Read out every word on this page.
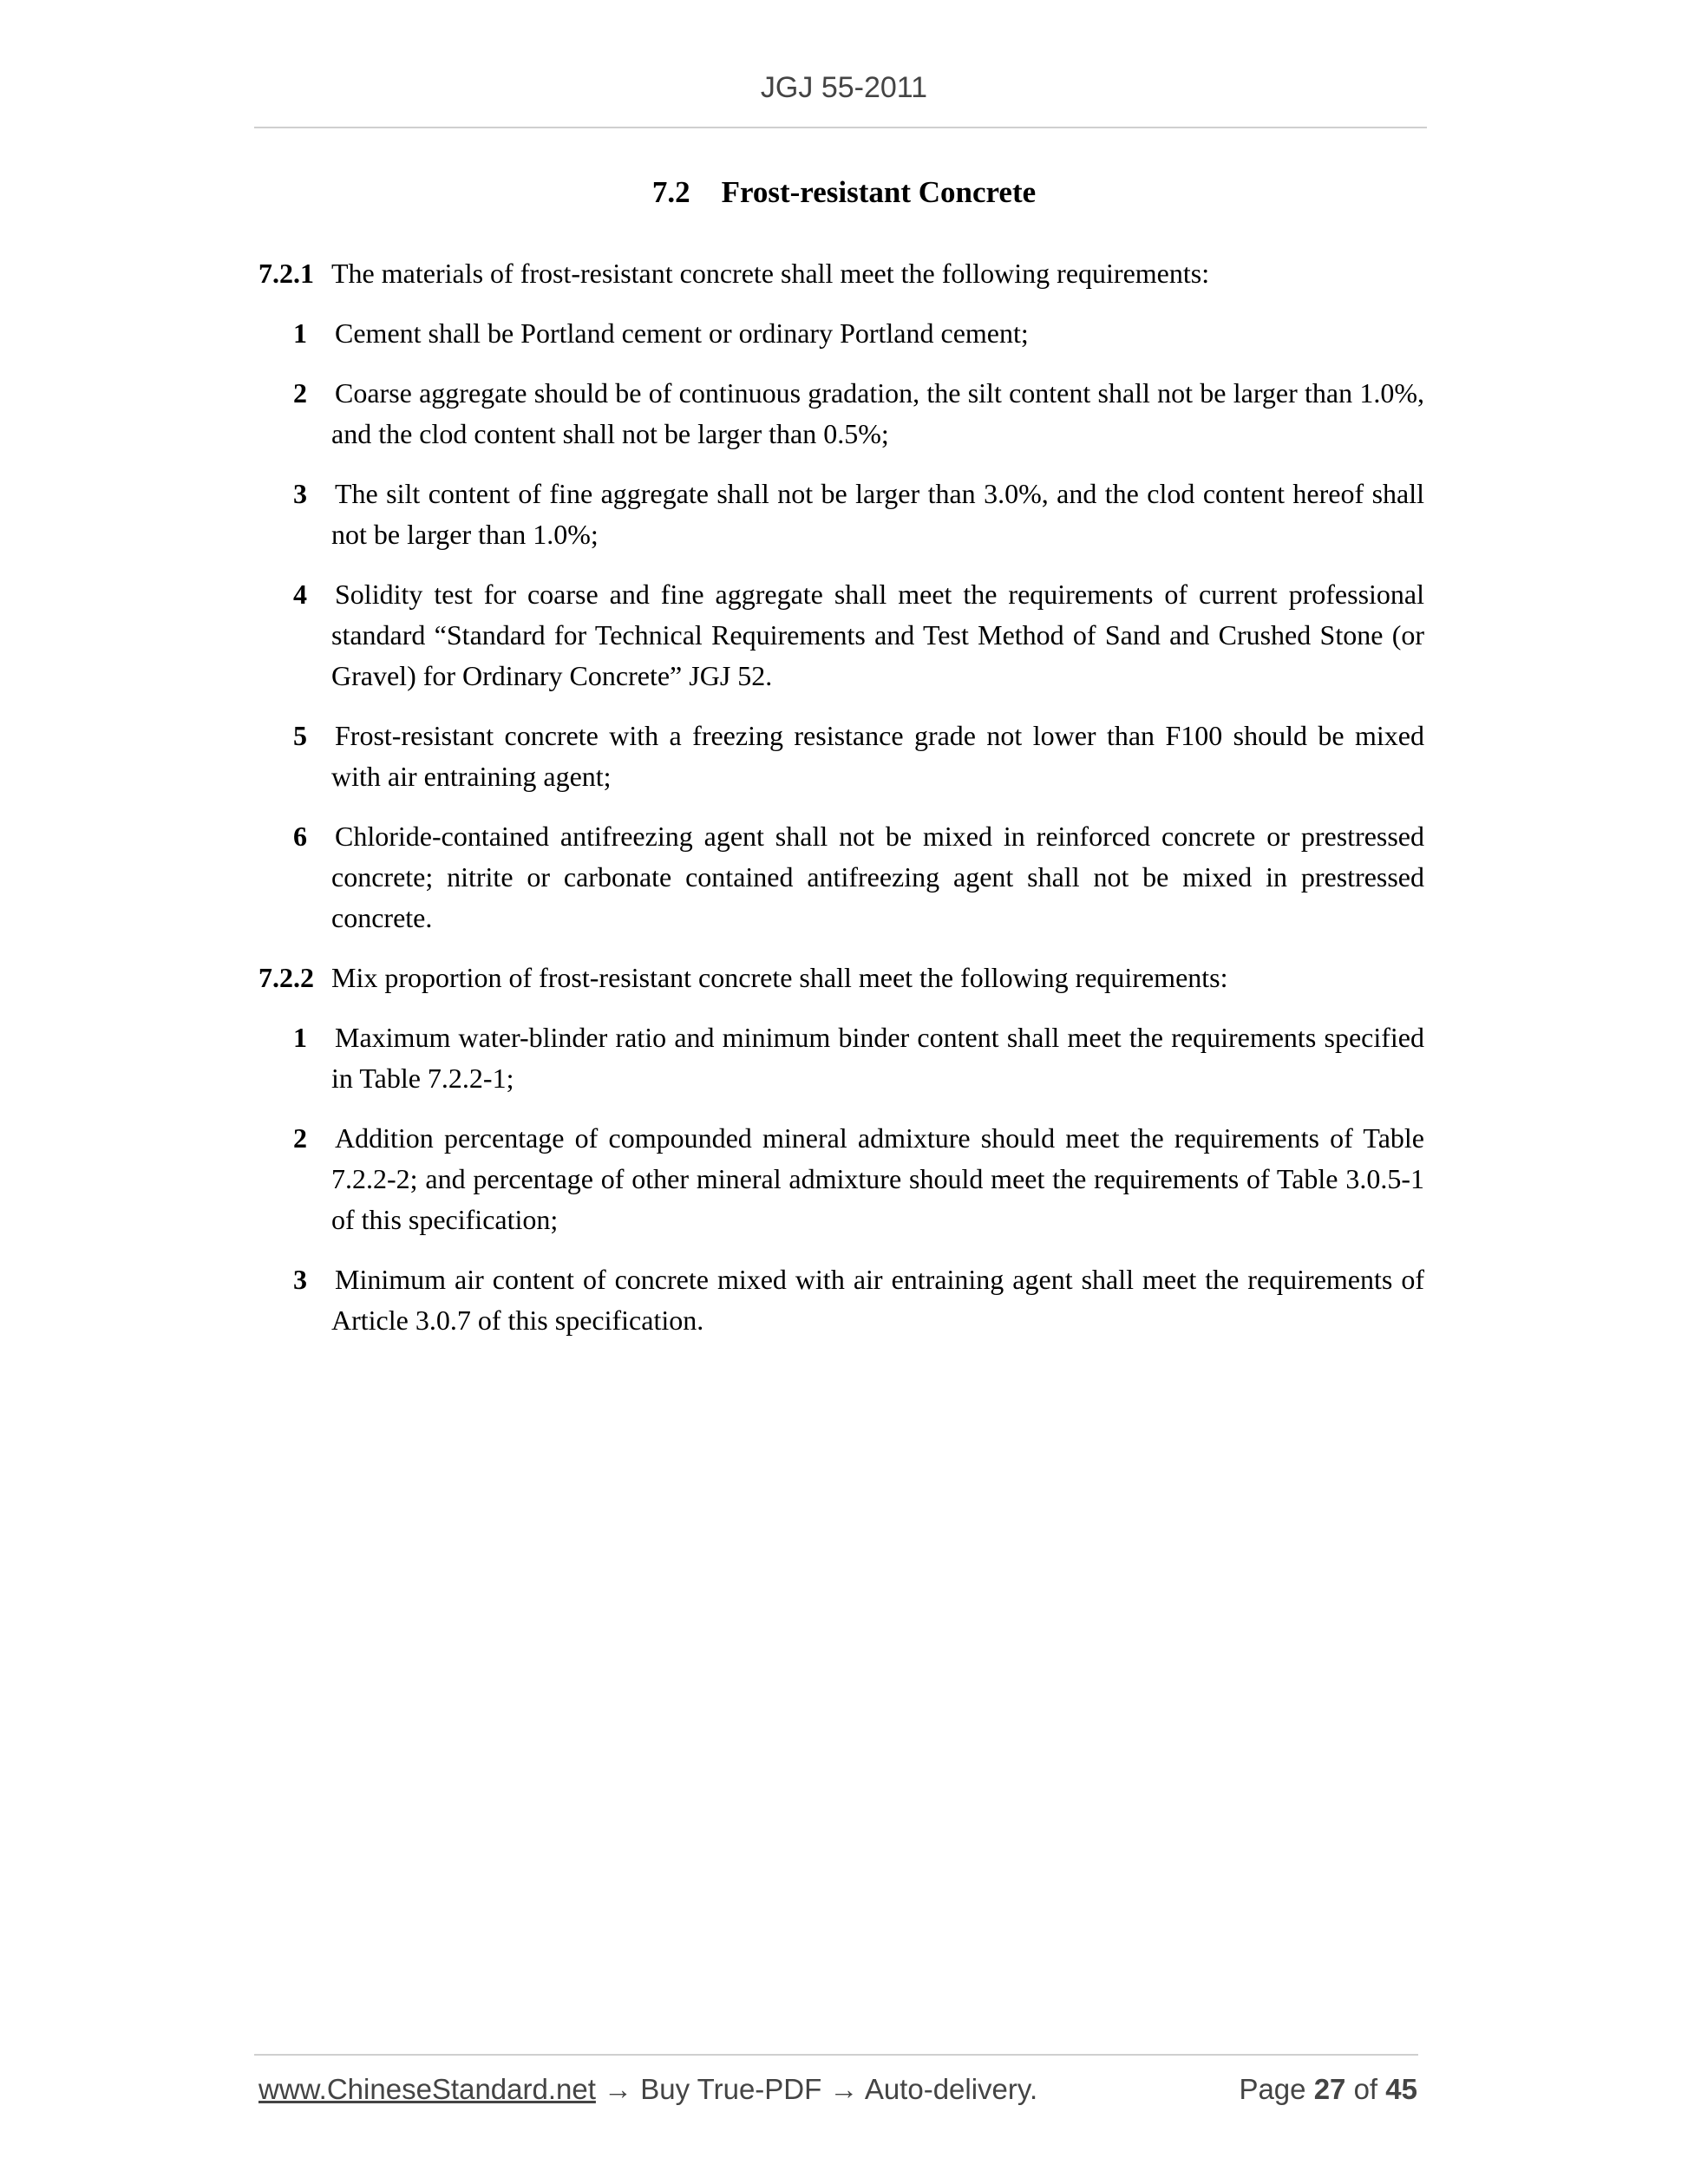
JGJ 55-2011
7.2 Frost-resistant Concrete
7.2.1 The materials of frost-resistant concrete shall meet the following requirements:
1 Cement shall be Portland cement or ordinary Portland cement;
2 Coarse aggregate should be of continuous gradation, the silt content shall not be larger than 1.0%, and the clod content shall not be larger than 0.5%;
3 The silt content of fine aggregate shall not be larger than 3.0%, and the clod content hereof shall not be larger than 1.0%;
4 Solidity test for coarse and fine aggregate shall meet the requirements of current professional standard “Standard for Technical Requirements and Test Method of Sand and Crushed Stone (or Gravel) for Ordinary Concrete” JGJ 52.
5 Frost-resistant concrete with a freezing resistance grade not lower than F100 should be mixed with air entraining agent;
6 Chloride-contained antifreezing agent shall not be mixed in reinforced concrete or prestressed concrete; nitrite or carbonate contained antifreezing agent shall not be mixed in prestressed concrete.
7.2.2 Mix proportion of frost-resistant concrete shall meet the following requirements:
1 Maximum water-blinder ratio and minimum binder content shall meet the requirements specified in Table 7.2.2-1;
2 Addition percentage of compounded mineral admixture should meet the requirements of Table 7.2.2-2; and percentage of other mineral admixture should meet the requirements of Table 3.0.5-1 of this specification;
3 Minimum air content of concrete mixed with air entraining agent shall meet the requirements of Article 3.0.7 of this specification.
www.ChineseStandard.net → Buy True-PDF → Auto-delivery.	Page 27 of 45
